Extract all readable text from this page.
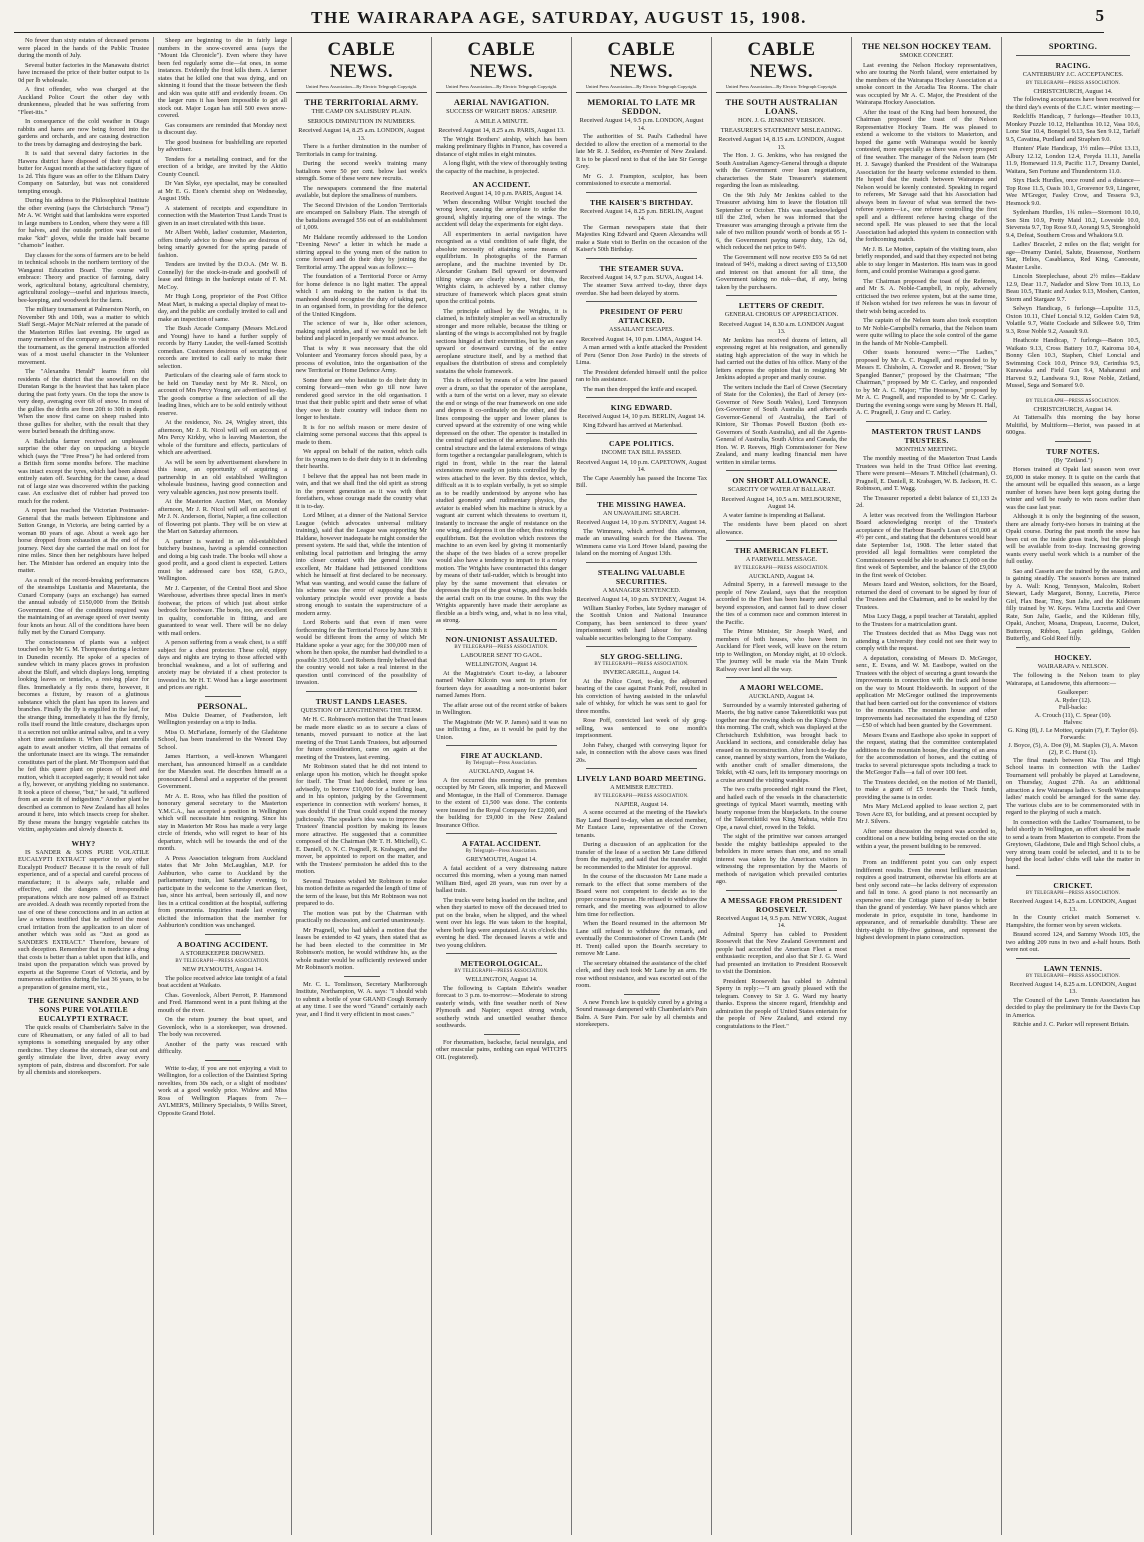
THE WAIRARAPA AGE, SATURDAY, AUGUST 15, 1908.	5

No fewer than sixty estates of deceased persons were placed in the hands of the Public Trustee during the month of July.

Several butter factories in the Manawatu district have increased the price of their butter output to 1s 0d per lb wholesale.

A first offender, who was charged at the Auckland Police Court the other day with drunkenness, pleaded that he was suffering from "Fleet-itis."

In consequence of the cold weather in Otago rabbits and hares are now being forced into the gardens and orchards, and are causing destruction to the trees by damaging and destroying the bark.

It is said that several dairy factories in the Hawera district have disposed of their output of butter for August month at the satisfactory figure of 1s 2d. This figure was an offer to the Eltham Dairy Company on Saturday, but was not considered tempting enough.

During his address to the Philosophical Institute the other evening (says the Christchurch "Press") Mr A. W. Wright said that lambskins were exported in large numbers to London, where they were a fill for halves, and the outside portion was used to make "kid" gloves, while the inside half became "chamois" leather.

Day classes for the sons of farmers are to be held in technical schools in the northern territory of the Wanganui Education Board. The course will embrace: Theory and practice of farming, dairy work, agricultural botany, agricultural chemistry, agricultural zoology—useful and injurious insects, bee-keeping, and woodwork for the farm.

The military tournament at Palmerston North, on November 9th and 10th, was a matter to which Staff Sergt.-Major McNair referred at the parade of the Masterton Rifles last evening. He urged as many members of the company as possible to visit the tournament, as the general instruction afforded was of a most useful character in the Volunteer movement.

The "Alexandra Herald" learns from old residents of the district that the snowfall on the Dunstan Range is the heaviest that has taken place during the past forty years. On the tops the snow is very deep, averaging over 6ft of snow. In most of the gullies the drifts are from 20ft to 30ft in depth. When the snow first came on sheep rushed into those gullies for shelter, with the result that they were buried beneath the drifting snow.

A Balclutha farmer received an unpleasant surprise the other day on unpacking a bicycle which (says the "Free Press") he had ordered from a British firm some months before. The machine was intact except the tyres, which had been almost entirely eaten off. Searching for the cause, a dead rat of large size was discovered within the packing case. An exclusive diet of rubber had proved too much for the rodent.

A report has reached the Victorian Postmaster-General that the mails between Elphinstone and Sutton Grange, in Victoria, are being carried by a woman 80 years of age. About a week ago her horse dropped from exhaustion at the end of the journey. Next day she carried the mail on foot for nine miles. Since then her neighbours have helped her. The Minister has ordered an enquiry into the matter.

As a result of the record-breaking performances of the steamships Lusitania and Mauretania, the Cunard Company (says an exchange) has earned the annual subsidy of £150,000 from the British Government. One of the conditions required was the maintaining of an average speed of over twenty four knots an hour. All of the conditions have been fully met by the Cunard Company.

The consciousness of plants was a subject touched on by Mr G. M. Thompson during a lecture in Dunedin recently. He spoke of a species of sundew which in many places grows in profusion about the Bluff, and which displays long, tempting looking leaves or tentacles, a rest-ing place for flies. Immediately a fly rests there, however, it becomes a fixture, by reason of a glutinous substance which the plant has upon its leaves and branches. Finally the fly is engulfed in the leaf, for the strange thing, immediately it has the fly firmly, rolls itself round the little creature, discharges upon it a secretion not unlike animal saliva, and in a very short time assimilates it. When the plant unrolls again to await another victim, all that remains of the unfortunate insect are its wings. The remainder constitutes part of the plant. Mr Thompson said that he fed this queer plant on pieces of beef and mutton, which it accepted eagerly; it would not take a fly, however, or anything yielding no sustenance. It took a piece of cheese, "but," he said, "it suffered from an acute fit of indigestion." Another plant he described as common to New Zealand has all holes around it here, into which insects creep for shelter. By these means the hungry vegetable catches its victim, asphyxiates and slowly dissects it.

WHY?

IS SANDER & SONS PURE VOLATILE EUCALYPTI EXTRACT superior to any other Eucalypti Product? Because it is the result of full experience, and of a special and careful process of manufacture; it is always safe, reliable and effective, and the dangers of irresponsible preparations which are now palmed off as Extract are avoided. A death was recently reported from the use of one of these concoctions and in an action at law a witness testified that he suffered the most cruel irritation from the application to an ulcer of another which was sold as "Just as good as SANDER'S EXTRACT." Therefore, beware of such deception. Remember that in medicine a drug that costs is better than a tablet upon that kills, and insist upon the preparation which was proved by experts at the Supreme Court of Victoria, and by numerous authorities during the last 36 years, to be a preparation of genuine merit, viz.,

THE GENUINE SANDER AND SONS PURE VOLATILE EUCALYPTI EXTRACT.

The quick results of Chamberlain's Salve in the cure of Rheumatism, or any failed of all to bad symptoms is something unequaled by any other medicine. They cleanse the stomach, clear out and gently stimulate the liver, drive away every symptom of pain, distress and discomfort. For sale by all chemists and storekeepers.

Sheep are beginning to die in fairly large numbers in the snow-covered area (says the "Mount Ida Chronicle"). Even where they have been fed regularly some die—fat ones, in some instances. Evidently the frost kills them. A farmer states that he killed one that was dying, and on skinning it found that the tissue between the flesh and skin was quite stiff and evidently frozen. On the larger runs it has been impossible to get all stock out. Major Logan has still 500 ewes snow-covered.

Gas consumers are reminded that Monday next is discount day.

The good business for bushfelling are reported by advertiser.

Tenders for a metalling contract, and for the erection of a bridge, are invited by the Akitio County Council.

Dr Van Slyke, eye specialist, may be consulted at Mr E. G. Eton's chemist shop on Wednesday, August 19th.

A statement of receipts and expenditure in connection with the Masterton Trust Lands Trust is given in an inset circulated with this issue.

Mr Albert Webb, ladies' costumier, Masterton, offers timely advice to those who are desirous of being smartly gowned for the spring parade of fashion.

Tenders are invited by the D.O.A. (Mr W. B. Connelly) for the stock-in-trade and goodwill of lease and fittings in the bankrupt estate of F. M. McCoy.

Mr Hugh Long, proprietor of the Post Office Meat Mart, is making a special display of meat to-day, and the public are cordially invited to call and make an inspection of same.

The Bush Arcade Company (Messrs McLeod and Young) have to hand a further supply of records by Harry Lauder, the well-famed Scottish comedian. Customers desirous of securing these records are invited to call early to make their selection.

Particulars of the clearing sale of farm stock to be held on Tuesday next by Mr R. Nicol, on account of Mrs Percy Young, are advertised to-day. The goods comprise a fine selection of all the leading lines, which are to be sold entirely without reserve.

At the residence, No. 24, Wrigley street, this afternoon, Mr J. R. Nicol will sell on account of Mrs Percy Kirkby, who is leaving Masterton, the whole of the furniture and effects, particulars of which are advertised.

As will be seen by advertisement elsewhere in this issue, an opportunity of acquiring a partnership in an old established Wellington wholesale business, having good connection and very valuable agencies, just now presents itself.

At the Masterton Auction Mart, on Monday afternoon, Mr J. R. Nicol will sell on account of Mr J. N. Anderson, florist, Napier, a fine collection of flowering pot plants. They will be on view at the Mart on Saturday afternoon.

A partner is wanted in an old-established butchery business, having a splendid connection and doing a big cash trade. The books will show a good profit, and a good client is expected. Letters must be addressed care box 658, G.P.O., Wellington.

Mr J. Carpenter, of the Central Boot and Shoe Warehouse, advertises three special lines in men's footwear, the prices of which just about strike bedrock for bootware. The boots, too, are excellent in quality, comfortable in fitting, and are guaranteed to wear well. There will be no delay with mail orders.

A person suffering from a weak chest, is a stiff subject for a chest protector. These cold, nippy days and nights are trying to those affected with bronchial weakness, and a lot of suffering and anxiety may be obviated if a chest protector is invested in. Mr H. T. Wood has a large assortment and prices are right.

PERSONAL.

Miss Dulcie Deamer, of Featherston, left Wellington yesterday on a trip to India.

Miss O. McFarlane, formerly of the Gladstone School, has been transferred to the Wenoni Day School.

James Harrison, a well-known Whangarei merchant, has announced himself as a candidate for the Marsden seat. He describes himself as a pronounced Liberal and a supporter of the present Government.

Mr A. E. Ross, who has filled the position of honorary general secretary to the Masterton Y.M.C.A., has accepted a position in Wellington which will necessitate him resigning. Since his stay in Masterton Mr Ross has made a very large circle of friends, who will regret to hear of his departure, which will be towards the end of the month.

A Press Association telegram from Auckland states that Mr John McLaughlan, M.P. for Ashburton, who came to Auckland by the parliamentary train, last Saturday evening, to participate in the welcome to the American fleet, has, since his arrival, been seriously ill, and now lies in a critical condition at the hospital, suffering from pneumonia. Inquiries made last evening elicited the information that the member for Ashburton's condition was unchanged.

A BOATING ACCIDENT.
A STOREKEEPER DROWNED.
BY TELEGRAPH—PRESS ASSOCIATION.
NEW PLYMOUTH, August 14.

The police received advice late tonight of a fatal boat accident at Waikato.

Chas. Govenlock, Albert Perrott, P. Hammond and Fred. Hammond went in a punt fishing at the mouth of the river.

On the return journey the boat upset, and Govenlock, who is a storekeeper, was drowned. The body was recovered.

Another of the party was rescued with difficulty.

Write to-day, if you are not enjoying a visit to Wellington, for a collection of the Daintiest Spring novelties, from 30s each, or a slight of modistes' work at a good weekly price. Widow and Miss Ross of Wellington Plaques from 7s—AYLMER'S, Millinery Specialists, 9 Willis Street, Opposite Grand Hotel.

CABLE NEWS.
United Press Association—By Electric Telegraph Copyright.
THE TERRITORIAL ARMY.
THE CAMP ON SALISBURY PLAIN.
SERIOUS DIMINUTION IN NUMBERS.
Received August 14, 8.25 a.m. LONDON, August 13.

There is a further diminution in the number of Territorials in camp for training.

During the second week's training many battalions were 50 per cent. below last week's strength. Some of these were new recruits.

The newspapers commend the fine material available, but deplore the smallness of numbers.

The Second Division of the London Territorials are encamped on Salisbury Plain. The strength of the battalions averaged 556 out of an establishment of 1,009.

Mr Haldane recently addressed to the London "Evening News" a letter in which he made a stirring appeal to the young men of the nation to come forward and do their duty by joining the Territorial army. The appeal was as follows:—

The foundation of a Territorial Force or Army for home defence is no light matter. The appeal which I am making to the nation is that its manhood should recognise the duty of taking part, in an organised form, in providing for the defence of the United Kingdom.

The science of war is, like other sciences, making rapid strides, and if we would not be left behind and placed in jeopardy we must advance.

That is why it was necessary that the old Volunteer and Yeomanry forces should pass, by a process of evolution, into the organisation of the new Territorial or Home Defence Army.

Some there are who hesitate to do their duty in coming forward—men who go till now have rendered good service in the old organisation. I trust that their public spirit and their sense of what they owe to their country will induce them no longer to hesitate.

It is for no selfish reason or mere desire of claiming some personal success that this appeal is made to them.

We appeal on behalf of the nation, which calls for its young men to do their duty to it in defending their hearths.

I believe that the appeal has not been made in vain, and that we shall find the old spirit as strong in the present generation as it was with their forefathers, whose courage made the country what it is to-day.

Lord Milner, at a dinner of the National Service League (which advocates universal military training), said that the League was supporting Mr Haldane, however inadequate he might consider the present system. He said that, while the intention of enlisting local patriotism and bringing the army into closer contact with the general life was excellent, Mr Haldane had jettisoned conditions which he himself at first declared to be necessary. What was wanting, and would cause the failure of his scheme was the error of supposing that the voluntary principle would ever provide a basis strong enough to sustain the superstructure of a modern army.

Lord Roberts said that even if men were forthcoming for the Territorial Force by June 30th it would be different from the army of which Mr Haldane spoke a year ago; for the 300,000 men of whom he then spoke, the number had dwindled to a possible 315,000. Lord Roberts firmly believed that the country would not take a real interest in the question until convinced of the possibility of invasion.

TRUST LANDS LEASES.
QUESTION OF LENGTHENING THE TERM.

Mr H. C. Robinson's motion that the Trust leases be made more elastic so as to secure a class of tenants, moved pursuant to notice at the last meeting of the Trust Lands Trustees, but adjourned for future consideration, came on again at the meeting of the Trustees, last evening.

Mr Robinson stated that he did not intend to enlarge upon his motion, which he thought spoke for itself. The Trust had decided, more or less advisedly, to borrow £10,000 for a building loan, and in his opinion, judging by the Government experience in connection with workers' homes, it was doubtful if the Trust could expend the money judiciously. The speaker's idea was to improve the Trustees' financial position by making its leases more attractive. He suggested that a committee composed of the Chairman (Mr T. H. Mitchell), C. E. Daniell, O. N. C. Pragnell, R. Krabagen, and the mover, be appointed to report on the matter, and with the Trustees' permission he added this to the motion.

Several Trustees wished Mr Robinson to make his motion definite as regarded the length of time of the term of the lease, but this Mr Robinson was not prepared to do.

The motion was put by the Chairman with practically no discussion, and carried unanimously.

Mr Pragnell, who had tabled a motion that the leases be extended to 42 years, then stated that as he had been elected to the committee in Mr Robinson's motion, he would withdraw his, as the whole matter would be sufficiently reviewed under Mr Robinson's motion.

Mr. C. L. Tomlinson, Secretary Marlborough Institute, Northampton, W. A. says: "I should wish to submit a bottle of your GRAND Cough Remedy at any time. I see the word "Grand" certainly each year, and I find it very efficient in most cases."

CABLE NEWS.
United Press Association—By Electric Telegraph Copyright.
AERIAL NAVIGATION.
SUCCESS OF WRIGHT BROS.' AIRSHIP.
A MILE A MINUTE.
Received August 14, 8.25 a.m. PARIS, August 13.

The Wright Brothers' airship, which has been making preliminary flights in France, has covered a distance of eight miles in eight minutes.

A long flight, with the view of thoroughly testing the capacity of the machine, is projected.

AN ACCIDENT.
Received August 14, 10 p.m. PARIS, August 14.

When descending Wilbur Wright touched the wrong lever, causing the aeroplane to strike the ground, slightly injuring one of the wings. The accident will delay the experiments for eight days.

All experimenters in aerial navigation have recognised as a vital condition of safe flight, the absolute necessity of attaining some means of equilibrium. In photographs of the Farman aeroplane, and the machine invented by Dr. Alexander Graham Bell upward or downward tilting wings are clearly shown, but this, the Wrights claim, is achieved by a rather clumsy structure of framework which places great strain upon the critical points.

The principle utilised by the Wrights, it is claimed, is infinitely simpler as well as structurally stronger and more reliable, because the tilting or slanting of the wings is accomplished not by fragile sections hinged at their extremities, but by an easy upward or downward curving of the entire aeroplane structure itself, and by a method that equalises the distribution of stress and completely sustains the whole framework.

This is effected by means of a wire line passed over a drum, so that the operator of the aeroplane, with a turn of the wrist on a lever, may so elevate the end or wings of the rear framework on one side and depress it co-ordinately on the other, and the lines composing the upper and lower planes is curved upward at the extremity of one wing while depressed on the other. The operator is installed in the central rigid section of the aeroplane. Both this central structure and the lateral extensions of wings form together a rectangular parallelogram, which is rigid in front, while in the rear the lateral extensions move easily on joints controlled by the wires attached to the lever. By this device, which, difficult as it is to explain verbally, is yet so simple as to be readily understood by anyone who has studied geometry and rudimentary physics, the aviator is enabled when his machine is struck by a vagrant air current which threatens to overturn it, instantly to increase the angle of resistance on the one wing, and depress it on the other, thus restoring equilibrium. But the evolution which restores the machine to an even keel by giving it momentarily the shape of the two blades of a screw propeller would also have a tendency to impart to it a rotary motion. The Wrights have counteracted this danger by means of their tail-rudder, which is brought into play by the same movement that elevates or depresses the tips of the great wings, and thus holds the aerial craft on its true course. In this way the Wrights apparently have made their aeroplane as flexible as a bird's wing, and, what is no less vital, as strong.

NON-UNIONIST ASSAULTED.
BY TELEGRAPH—PRESS ASSOCIATION.
LABOURER SENT TO GAOL.
WELLINGTON, August 14.

At the Magistrate's Court to-day, a labourer named Walter Kilcoin was sent to prison for fourteen days for assaulting a non-unionist baker named James Horn.

The affair arose out of the recent strike of bakers in Wellington.

The Magistrate (Mr W. P. James) said it was no use inflicting a fine, as it would be paid by the Union.

FIRE AT AUCKLAND.
By Telegraph—Press Association.
AUCKLAND, August 14.

A fire occurred this morning in the premises occupied by Mr Green, silk importer, and Maxwell and Montague, in the Hall of Commerce. Damage to the extent of £1,500 was done. The contents were insured in the Royal Company for £2,000, and the building for £9,000 in the New Zealand Insurance Office.

A FATAL ACCIDENT.
By Telegraph—Press Association.
GREYMOUTH, August 14.

A fatal accident of a very distressing nature occurred this morning, when a young man named William Bird, aged 28 years, was run over by a ballast train.

The trucks were being loaded on the incline, and when they started to move off the deceased tried to put on the brake, when he slipped, and the wheel went over his legs. He was taken to the hospital, where both legs were amputated. At six o'clock this evening he died. The deceased leaves a wife and two young children.

METEOROLOGICAL.
BY TELEGRAPH—PRESS ASSOCIATION.
WELLINGTON, August 14.

The following is Captain Edwin's weather forecast to 3 p.m. to-morrow:—Moderate to strong easterly winds, with fine weather north of New Plymouth and Napier; expect strong winds, southerly winds and unsettled weather thence southwards.

For rheumatism, backache, facial neuralgia, and other muscular pains, nothing can equal WITCH'S OIL (registered).

CABLE NEWS.
United Press Association—By Electric Telegraph Copyright.
MEMORIAL TO LATE MR SEDDON.
Received August 14, 9.5 p.m. LONDON, August 14.

The authorities of St. Paul's Cathedral have decided to allow the erection of a memorial to the late Mr R. J. Seddon, ex-Premier of New Zealand. It is to be placed next to that of the late Sir George Grey.

Mr G. J. Frampton, sculptor, has been commissioned to execute a memorial.

THE KAISER'S BIRTHDAY.
Received August 14, 8.25 p.m. BERLIN, August 14.

The German newspapers state that their Majesties King Edward and Queen Alexandra will make a State visit to Berlin on the occasion of the Kaiser's 50th Birthday.

THE STEAMER SUVA.
Received August 14, 9.7 p.m. SUVA, August 14.

The steamer Suva arrived to-day, three days overdue. She had been delayed by storm.

PRESIDENT OF PERU ATTACKED.
ASSAILANT ESCAPES.
Received August 14, 10 p.m. LIMA, August 14.

A man armed with a knife attacked the President of Peru (Senor Don Jose Pardo) in the streets of Lima.

The President defended himself until the police ran to his assistance.

The man then dropped the knife and escaped.

KING EDWARD.
Received August 14, 10 p.m. BERLIN, August 14.

King Edward has arrived at Marienbad.

CAPE POLITICS.
INCOME TAX BILL PASSED.
Received August 14, 10 p.m. CAPETOWN, August 14.

The Cape Assembly has passed the Income Tax Bill.

THE MISSING HAWEA.
AN UNAVAILING SEARCH.
Received August 14, 10 p.m. SYDNEY, August 14.

The Wimmera, which arrived this afternoon, made an unavailing search for the Hawea. The Wimmera came via Lord Howe Island, passing the island on the morning of August 13th.

STEALING VALUABLE SECURITIES.
A MANAGER SENTENCED.
Received August 14, 10 p.m. SYDNEY, August 14.

William Stanley Forbes, late Sydney manager of the Scottish Union and National Insurance Company, has been sentenced to three years' imprisonment with hard labour for stealing valuable securities belonging to the Company.

SLY GROG-SELLING.
BY TELEGRAPH—PRESS ASSOCIATION.
INVERCARGILL, August 14.

At the Police Court, to-day, the adjourned hearing of the case against Frank Poff, resulted in his conviction of having assisted in the unlawful sale of whisky, for which he was sent to gaol for three months.

Rose Poff, convicted last week of sly grog-selling, was sentenced to one month's imprisonment.

John Fahey, charged with conveying liquor for sale, in connection with the above cases was fined 20s.

LIVELY LAND BOARD MEETING.
A MEMBER EJECTED.
BY TELEGRAPH—PRESS ASSOCIATION.
NAPIER, August 14.

A scene occurred at the meeting of the Hawke's Bay Land Board to-day, when an elected member, Mr Eustace Lane, representative of the Crown tenants.

During a discussion of an application for the transfer of the lease of a section Mr Lane differed from the majority, and said that the transfer might be recommended to the Minister for approval.

In the course of the discussion Mr Lane made a remark to the effect that some members of the Board were not competent to decide as to the proper course to pursue. He refused to withdraw the remark, and the meeting was adjourned to allow him time for reflection.

When the Board resumed in the afternoon Mr Lane still refused to withdraw the remark, and eventually the Commissioner of Crown Lands (Mr H. Trent) called upon the Board's secretary to remove Mr Lane.

The secretary obtained the assistance of the chief clerk, and they each took Mr Lane by an arm. He rose without resistance, and was escorted out of the room.

A new French law is quickly cured by a giving a Sound massage dampened with Chamberlain's Pain Balm. A Sure Pain. For sale by all chemists and storekeepers.

CABLE NEWS.
United Press Association—By Electric Telegraph Copyright.
THE SOUTH AUSTRALIAN LOANS.
HON. J. G. JENKINS' VERSION.
TREASURER'S STATEMENT MISLEADING.
Received August 14, 8.15 a.m. LONDON, August 13.

The Hon. J. G. Jenkins, who has resigned the South Australian Agency-General through a dispute with the Government over loan negotiations, characterises the State Treasurer's statement regarding the loan as misleading.

On the 9th July Mr Jenkins cabled to the Treasurer advising him to leave the flotation till September or October. This was unacknowledged till the 23rd, when he was informed that the Treasurer was arranging through a private firm the sale of two million pounds' worth of bonds at 95 1-6, the Government paying stamp duty, 12s 6d, which reduced the net price to 94½.

The Government will now receive £93 5s 6d net instead of 94½, making a direct saving of £13,500 and interest on that amount for all time, the Government taking no risk—that, if any, being taken by the purchasers.

LETTERS OF CREDIT.
GENERAL CHORUS OF APPRECIATION.
Received August 14, 8.30 a.m. LONDON August 13.

Mr Jenkins has received dozens of letters, all expressing regret at his resignation, and generally stating high appreciation of the way in which he had carried out the duties of his office. Many of the letters express the opinion that in resigning Mr Jenkins adopted a proper and manly course.

The writers include the Earl of Crewe (Secretary of State for the Colonies), the Earl of Jersey (ex-Governor of New South Wales), Lord Tennyson (ex-Governor of South Australia and afterwards Governor-General of Australia), the Earl of Kintore, Sir Thomas Powell Buxton (both ex-Governors of South Australia), and all the Agents-General of Australia, South Africa and Canada, the Hon. W. P. Reeves, High Commissioner for New Zealand, and many leading financial men have written in similar terms.

ON SHORT ALLOWANCE.
SCARCITY OF WATER AT BALLARAT.
Received August 14, 10.5 a.m. MELBOURNE, August 14.

A water famine is impending at Ballarat.

The residents have been placed on short allowance.

THE AMERICAN FLEET.
A FAREWELL MESSAGE.
BY TELEGRAPH—PRESS ASSOCIATION.
AUCKLAND, August 14.

Admiral Sperry, in a farewell message to the people of New Zealand, says that the reception accorded to the Fleet has been hearty and cordial beyond expression, and cannot fail to draw closer the ties of a common race and common interest in the Pacific.

The Prime Minister, Sir Joseph Ward, and members of both houses, who have been in Auckland for Fleet week, will leave on the return trip to Wellington, on Monday night, at 10 o'clock. The journey will be made via the Main Trunk Railway over land all the way.

A MAORI WELCOME.
AUCKLAND, August 14.

Surrounded by a warmly interested gathering of Maoris, the big native canoe Takeretikitiki was put together near the rowing sheds on the King's Drive this morning. The craft, which was displayed at the Christchurch Exhibition, was brought back to Auckland in sections, and considerable delay has ensued on its reconstruction. After lunch to-day the canoe, manned by sixty warriors, from the Waikato, with another craft of smaller dimensions, the Tekiki, with 42 oars, left its temporary moorings on a cruise around the visiting warships.

The two crafts proceeded right round the Fleet, and hailed each of the vessels in the characteristic greetings of typical Maori warmth, meeting with hearty response from the bluejackets. In the course of the Takeretikitiki was King Mahuta, while Eru Ope, a naval chief, rowed in the Tekiki.

The sight of the primitive war canoes arranged beside the mighty battleships appealed to the beholders in more senses than one, and no small interest was taken by the American visitors in witnessing the representation by the Maoris of methods of navigation which prevailed centuries ago.

A MESSAGE FROM PRESIDENT ROOSEVELT.
Received August 14, 9.5 p.m. NEW YORK, August 14.

Admiral Sperry has cabled to President Roosevelt that the New Zealand Government and people had accorded the American Fleet a most enthusiastic reception, and also that Sir J. G. Ward had presented an invitation to President Roosevelt to visit the Dominion.

President Roosevelt has cabled to Admiral Sperry in reply:—"I am greatly pleased with the telegram. Convey to Sir J. G. Ward my hearty thanks. Express the sincere regard, friendship and admiration the people of United States entertain for the people of New Zealand, and extend my congratulations to the Fleet."

THE NELSON HOCKEY TEAM.
SMOKE CONCERT.

Last evening the Nelson Hockey representatives, who are touring the North Island, were entertained by the members of the Wairarapa Hockey Association at a smoke concert in the Arcadia Tea Rooms. The chair was occupied by Mr A. C. Major, the President of the Wairarapa Hockey Association.

After the toast of the King had been honoured, the Chairman proposed the toast of the Nelson Representative Hockey Team. He was pleased to extend a welcome to the visitors to Masterton, and hoped the game with Wairarapa would be keenly contested, more especially as there was every prospect of fine weather. The manager of the Nelson team (Mr H. J. Savage) thanked the President of the Wairarapa Association for the hearty welcome extended to them. He hoped that the match between Wairarapa and Nelson would be keenly contested. Speaking in regard to referees, Mr Savage said that his Association had always been in favour of what was termed the two-referee system—i.e., one referee controlling the first spell and a different referee having charge of the second spell. He was pleased to see that the local Association had adopted this system in connection with the forthcoming match.

Mr J. B. Le Mottee, captain of the visiting team, also briefly responded, and said that they expected not being able to stay longer in Masterton. His team was in good form, and could promise Wairarapa a good game.

The Chairman proposed the toast of the Referees, and Mr S. A. Noble-Campbell, in reply, adversely criticised the two referee system, but at the same time, if Nelson wished for two referees he was in favour of their wish being acceded to.

The captain of the Nelson team also took exception to Mr Noble-Campbell's remarks, that the Nelson team were quite willing to place the sole control of the game in the hands of Mr Noble-Campbell.

Other toasts honoured were:—"The Ladies," proposed by Mr A. C. Pragnell, and responded to by Messrs E. Chisholm, A. Crowder and R. Brown; "Star Spangled Banner," proposed by the Chairman; "The Chairman," proposed by Mr C. Carley, and responded to by Mr A. C. Major; "The Hostesses," proposed by Mr A. C. Pragnell, and responded to by Mr C. Carley. During the evening songs were sung by Messrs H. Hall, A. C. Pragnell, J. Gray and C. Carley.

MASTERTON TRUST LANDS TRUSTEES.
MONTHLY MEETING.

The monthly meeting of the Masterton Trust Lands Trustees was held in the Trust Office last evening. There were present—Messrs T. Mitchell (chairman), O. Pragnell, E. Daniell, R. Krabagen, W. B. Jackson, H. C. Robinson, and T. Wagg.

The Treasurer reported a debit balance of £1,133 2s 2d.

A letter was received from the Wellington Harbour Board acknowledging receipt of the Trustee's acceptance of the Harbour Board's Loan of £10,000 at 4½ per cent., and stating that the debentures would bear date September 1st, 1908. The letter stated that provided all legal formalities were completed the Commissioners would be able to advance £1,000 on the first week of September, and the balance of the £9,000 in the first week of October.

Messrs Izard and Weston, solicitors, for the Board, returned the deed of covenant to be signed by four of the Trustees and the Chairman, and to be sealed by the Trustees.

Miss Lucy Dagg, a pupil teacher at Taratahi, applied to the Trustees for a matriculation grant.

The Trustees decided that as Miss Dagg was not attending a University they could not see their way to comply with the request.

A deputation, consisting of Messrs D. McGregor, senr., E. Evans, and W. M. Eastbope, waited on the Trustees with the object of securing a grant towards the improvements in connection with the track and house on the way to Mount Holdsworth. In support of the application Mr McGregor outlined the improvements that had been carried out for the convenience of visitors to the mountain. The mountain house and other improvements had necessitated the expending of £250—£50 of which had been granted by the Government.

Messrs Evans and Easthope also spoke in support of the request, stating that the committee contemplated additions to the mountain house, the clearing of an area for the accommodation of horses, and the cutting of tracks to several picturesque spots including a track to the McGregor Falls—a fall of over 100 feet.

The Trustees decided, on the motion of Mr Daniell, to make a grant of £5 towards the Track funds, providing the same is in order.

Mrs Mary McLeod applied to lease section 2, part Town Acre 83, for building, and at present occupied by Mr J. Silvers.

After some discussion the request was acceded to, conditional on a new building being erected on the site within a year, the present building to be removed.

From an indifferent point you can only expect indifferent results. Even the most brilliant musician requires a good instrument, otherwise his efforts are at best only second rate—he lacks delivery of expression and fall in tone. A good piano is not necessarily an expensive one: the Cottage piano of to-day is better than the grand of yesterday. We have pianos which are moderate in price, exquisite in tone, handsome in appearance, and of remarkable durability. These are thirty-eight to fifty-five guineas, and represent the highest development in piano construction.

SPORTING.
RACING.
CANTERBURY J.C. ACCEPTANCES.
BY TELEGRAPH—PRESS ASSOCIATION.
CHRISTCHURCH, August 14.

The following acceptances have been received for the third day's events of the C.J.C. winter meeting:—

Redcliffs Handicap, 7 furlongs—Heather 10.13, Monkey Puzzle 10.12, Helianthus 10.12, Vasa 10.6, Lone Star 10.4, Bonspiel 9.13, Sea Sen 9.12, Tarfaff 9.5, Cavatina, Purdland and Straphen 9.0.

Hunters' Plate Handicap, 1½ miles—Pilot 13.13, Albury 12.12, London 12.4, Freyda 11.11, Janella 11.9, Homeward 11.9, Pacific 11.7, Dreamy Daniel, Waitara, Sen Fortune and Thunderstorm 11.0.

Styx Hack Hurdles, once round and a distance—Top Rose 11.5, Oasis 10.1, Grosvenor 9.9, Lingerer, Wee M'Gregor, Fasley Crow, and Tessera 9.3, Hesmock 9.0.

Sydenham Hurdles, 1¾ miles—Stormont 10.10, Son Sim 10.9, Pretty Maid 10.2, Loveside 10.0, Stevensta 9.7, Top Rose 9.0, Aorangi 9.5, Stronghold 9.4, Defeat, Southern Cross and Whakiora 9.0.

Ladies' Bracelet, 2 miles on the flat; weight for age—Dreamy Daniel, Salute, Brasenose, Northern Star, Helios, Casablanca, Red King, Canooute, Master Leslie.

Lincoln Steeplechase, about 2½ miles—Eaklaw 12.9, Dear 11.7, Nadador and Slow Tom 10.13, Lo Beau 10.5, Titanic and Audax 9.13, Moshen, Canton, Storm and Stargaze 9.7.

Selwyn Handicap, 6 furlongs—Lupulite 11.5, Oxton 10.11, Chief Loncial 9.12, Golden Cairn 9.8, Volatile 9.7, Waite Cockade and Silkwee 9.0, Trim 9.3, Rose Noble 9.2, Assault 9.0.

Heathcote Handicap, 7 furlongs—Baton 10.5, Waikato 9.13, Cross Battery 10.7, Kairoma 10.4, Bonny Glen 10.3, Staphen, Chief Loncial and Swimming Cock 10.0, Prince 9.9, Cerinthia 9.5, Kurawaka and Field Gun 9.4, Maharanui and Harvest 9.2, Landwara 9.1, Rose Noble, Zetland, Mussel, Sega and Somaref 9.0.

BY TELEGRAPH—PRESS ASSOCIATION.
CHRISTCHURCH, August 14.

At Tattersall's this morning the bay horse Multifid, by Multiform—Heriot, was passed in at 600gns.

TURF NOTES.
(By "Zetland.")

Horses trained at Opaki last season won over £6,000 in stake money. It is quite on the cards that the amount will be equalled this season, as a large number of horses have been kept going during the winter and will be ready to win races earlier than was the case last year.

Although it is only the beginning of the season, there are already forty-two horses in training at the Opaki course. During the past month the snow has been cut on the inside grass track, but the plough will be available from to-day. Increasing growing wants every useful work which is a number of the full outlay.

Sao and Cassein are the trained by the season, and is gaining steadily. The season's horses are trained by A. Wall: Knog, Tennyson, Malcolm, Robert Stewart, Lady Margaret, Bonny, Lucretia, Pierce Girl, Flax Bear, Tiny, Sun Jalie, and the Kilderam filly trained by W. Keys. Wirra Lucretia and Over Rate, Sun Jalie, Gaelic, and the Kilderan filly, Opaki, Anchor, Moana, Drapeau, Lucerne, Dulcet, Buttercup, Ribbon, Lapin geldings, Golden Butterfly, and Gold Reef filly.

HOCKEY.
WAIRARAPA v. NELSON.

The following is the Nelson team to play Wairarapa, at Lansdowne, this afternoon:—

Goalkeeper:

A. Ryder (12).

Full-backs:

A. Crouch (11), C. Spear (10).

Halves:

G. King (8), J. Le Mottee, captain (7), F. Taylor (6).

Forwards:

J. Boyce, (5), A. Doe (9), M. Staples (3), A. Maxon (2), P. C. Hurst (1).

The final match between Kia Toa and High School teams in connection with the Ladies' Tournament will probably be played at Lansdowne, on Thursday, August 27th. As an additional attraction a few Wairarapa ladies v. South Wairarapa ladies' match could be arranged for the same day. The various clubs are to be commemorated with in regard to the playing of such a match.

In connection with the Ladies' Tournament, to be held shortly in Wellington, an effort should be made to send a team from Masterton to compete. From the Greytown, Gladstone, Dale and High School clubs, a very strong team could be selected, and it is to be hoped the local ladies' clubs will take the matter in hand.

CRICKET.
BY TELEGRAPH—PRESS ASSOCIATION.
Received August 14, 8.25 a.m. LONDON, August 13.

In the County cricket match Somerset v. Hampshire, the former won by seven wickets.

Braund scored 124, and Sammy Woods 105, the two adding 209 runs in two and a-half hours. Both were not out.

LAWN TENNIS.
BY TELEGRAPH—PRESS ASSOCIATION.
Received August 14, 8.25 a.m. LONDON, August 13.

The Council of the Lawn Tennis Association has decided to play the preliminary tie for the Davis Cup in America.

Ritchie and J. C. Parker will represent Britain.
